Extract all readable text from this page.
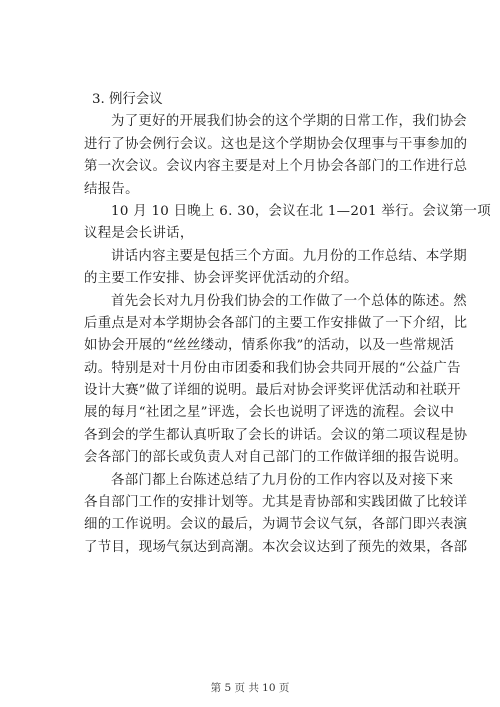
3. 例行会议
为了更好的开展我们协会的这个学期的日常工作，我们协会
进行了协会例行会议。这也是这个学期协会仅理事与干事参加的
第一次会议。会议内容主要是对上个月协会各部门的工作进行总
结报告。
10 月 10 日晚上 6. 30，会议在北 1—201 举行。会议第一项
议程是会长讲话，
讲话内容主要是包括三个方面。九月份的工作总结、本学期
的主要工作安排、协会评奖评优活动的介绍。
首先会长对九月份我们协会的工作做了一个总体的陈述。然
后重点是对本学期协会各部门的主要工作安排做了一下介绍，比
如协会开展的“丝丝缕动，情系你我”的活动，以及一些常规活
动。特别是对十月份由市团委和我们协会共同开展的“公益广告
设计大赛”做了详细的说明。最后对协会评奖评优活动和社联开
展的每月“社团之星”评选，会长也说明了评选的流程。会议中
各到会的学生都认真听取了会长的讲话。会议的第二项议程是协
会各部门的部长或负责人对自己部门的工作做详细的报告说明。
各部门都上台陈述总结了九月份的工作内容以及对接下来
各自部门工作的安排计划等。尤其是青协部和实践团做了比较详
细的工作说明。会议的最后，为调节会议气氛，各部门即兴表演
了节目，现场气氛达到高潮。本次会议达到了预先的效果，各部
第 5 页 共 10 页
